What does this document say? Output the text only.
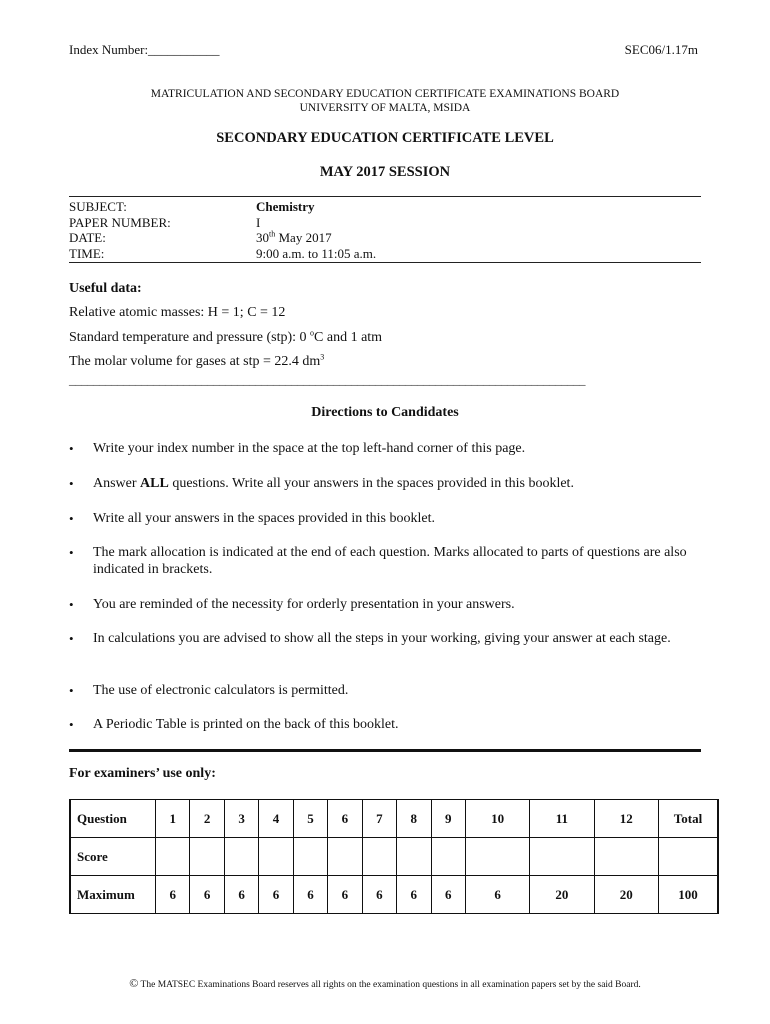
Index Number:___________	SEC06/1.17m
MATRICULATION AND SECONDARY EDUCATION CERTIFICATE EXAMINATIONS BOARD
UNIVERSITY OF MALTA, MSIDA
SECONDARY EDUCATION CERTIFICATE LEVEL
MAY 2017 SESSION
SUBJECT:	Chemistry
PAPER NUMBER:	I
DATE:	30th May 2017
TIME:	9:00 a.m. to 11:05 a.m.
Useful data:
Relative atomic masses: H = 1; C = 12
Standard temperature and pressure (stp): 0 $^o$C and 1 atm
The molar volume for gases at stp = 22.4 $dm^3$
______________________________________________________________________________________
Directions to Candidates
•	Write your index number in the space at the top left-hand corner of this page.
•	Answer ALL questions. Write all your answers in the spaces provided in this booklet.
•	Write all your answers in the spaces provided in this booklet.
•	The mark allocation is indicated at the end of each question. Marks allocated to parts of questions are also indicated in brackets.
•	You are reminded of the necessity for orderly presentation in your answers.
•	In calculations you are advised to show all the steps in your working, giving your answer at each stage.
•	The use of electronic calculators is permitted.
•	A Periodic Table is printed on the back of this booklet.
For examiners’ use only:
Question	1	2	3	4	5	6	7	8	9	10	11	12	Total
Score													
Maximum	6	6	6	6	6	6	6	6	6	6	20	20	100
© The MATSEC Examinations Board reserves all rights on the examination questions in all examination papers set by the said Board.
